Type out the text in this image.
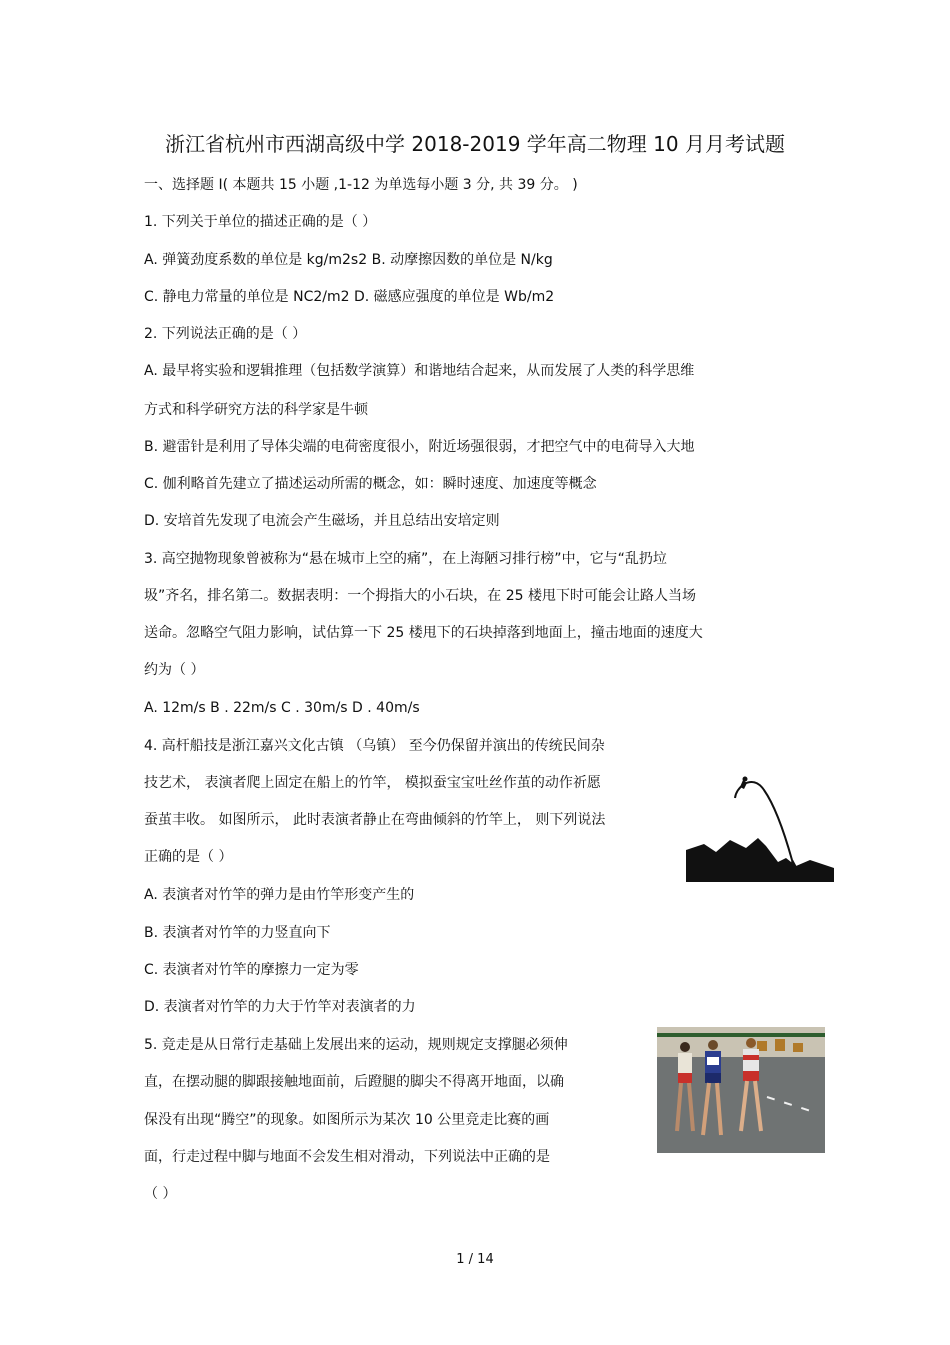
浙江省杭州市西湖高级中学 2018-2019 学年高二物理 10 月月考试题
一、选择题 I( 本题共 15 小题 ,1-12 为单选每小题 3 分, 共 39 分。 )
1. 下列关于单位的描述正确的是（ ）
A. 弹簧劲度系数的单位是 kg/m2s2 B. 动摩擦因数的单位是 N/kg
C. 静电力常量的单位是 NC2/m2 D. 磁感应强度的单位是 Wb/m2
2. 下列说法正确的是（ ）
A. 最早将实验和逻辑推理（包括数学演算）和谐地结合起来，从而发展了人类的科学思维
方式和科学研究方法的科学家是牛顿
B. 避雷针是利用了导体尖端的电荷密度很小，附近场强很弱，才把空气中的电荷导入大地
C. 伽利略首先建立了描述运动所需的概念，如：瞬时速度、加速度等概念
D. 安培首先发现了电流会产生磁场，并且总结出安培定则
3. 高空抛物现象曾被称为“悬在城市上空的痛”，在上海陋习排行榜”中，它与“乱扔垃
圾”齐名，排名第二。数据表明：一个拇指大的小石块，在 25 楼甩下时可能会让路人当场
送命。忽略空气阻力影响，试估算一下 25 楼甩下的石块掉落到地面上，撞击地面的速度大
约为（ ）
A. 12m/s B . 22m/s C . 30m/s D . 40m/s
4. 高杆船技是浙江嘉兴文化古镇 （乌镇） 至今仍保留并演出的传统民间杂
技艺术， 表演者爬上固定在船上的竹竿， 模拟蚕宝宝吐丝作茧的动作祈愿
蚕茧丰收。 如图所示， 此时表演者静止在弯曲倾斜的竹竿上， 则下列说法
正确的是（ ）
A. 表演者对竹竿的弹力是由竹竿形变产生的
B. 表演者对竹竿的力竖直向下
C. 表演者对竹竿的摩擦力一定为零
D. 表演者对竹竿的力大于竹竿对表演者的力
5. 竞走是从日常行走基础上发展出来的运动，规则规定支撑腿必须伸
直，在摆动腿的脚跟接触地面前，后蹬腿的脚尖不得离开地面，以确
保没有出现“腾空”的现象。如图所示为某次 10 公里竞走比赛的画
面，行走过程中脚与地面不会发生相对滑动，下列说法中正确的是
（ ）
1 / 14
